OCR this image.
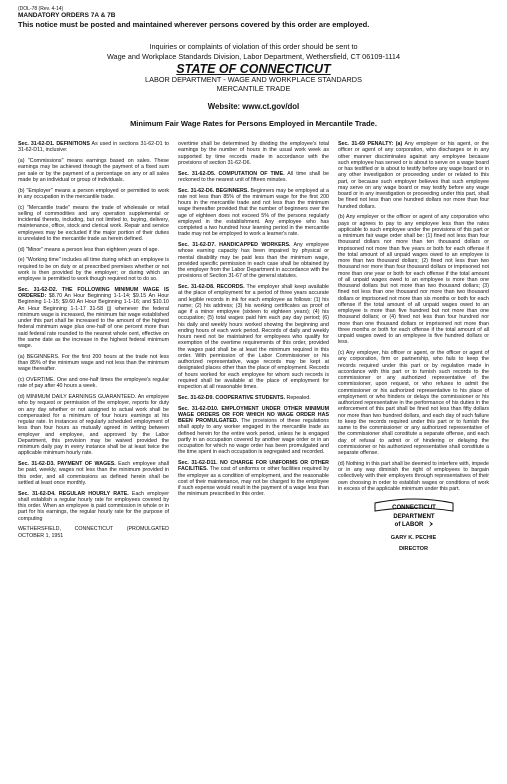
(DOL-78 (Rev. 4-14)
MANDATORY ORDERS 7A & 7B
This notice must be posted and maintained wherever persons covered by this order are employed.
Inquiries or complaints of violation of this order should be sent to
Wage and Workplace Standards Division, Labor Department, Wethersfield, CT 06109-1114
STATE OF CONNECTICUT
LABOR DEPARTMENT - WAGE AND WORKPLACE STANDARDS
MERCANTILE TRADE
Website: www.ct.gov/dol
Minimum Fair Wage Rates for Persons Employed in Mercantile Trade.

Sec. 31-62-D1. DEFINITIONS As used in sections 31-62-D1 to 31-62-D11, inclusive:

(a) "Commissions" means earnings based on sales. These earnings may be achieved through the payment of a fixed sum per sale or by the payment of a percentage on any or all sales made by an individual or group of individuals.

(b) "Employer" means a person employed or permitted to work in any occupation in the mercantile trade.

(c) "Mercantile trade" means the trade of wholesale or retail selling of commodities and any operation supplemental or incidental thereto, including, but not limited to, buying, delivery, maintenance, office, stock and clerical work. Repair and service employees may be excluded if the major portion of their duties is unrelated to the mercantile trade as herein defined.

(d) "Minor" means a person less than eighteen years of age.

(e) "Working time" includes all time during which an employee is required to be on duty or at prescribed premises whether or not work is then provided by the employer; or during which an employee is permitted to work though required not to do so.

Sec. 31-62-D2. THE FOLLOWING MINIMUM WAGE IS ORDERED: $8.70 An Hour Beginning 1-1-14; $9.15 An Hour Beginning 1-1-15; $9.60 An Hour Beginning 1-1-16; and $10.10 An Hour Beginning 1-1-17 31-58 (j) whenever the federal minimum wage is increased, the minimum fair wage established under this part shall be increased to the amount of the highest federal minimum wage plus one-half of one percent more than said federal rate rounded to the nearest whole cent, effective on the same date as the increase in the highest federal minimum wage.

(a) BEGINNERS. For the first 200 hours at the trade not less than 85% of the minimum wage and not less than the minimum wage thereafter.

(c) OVERTIME. One and one-half times the employee's regular rate of pay after 40 hours a week.

(d) MINIMUM DAILY EARNINGS GUARANTEED. An employee who by request or permission of the employer, reports for duty on any day whether or not assigned to actual work shall be compensated for a minimum of four hours earnings at his regular rate. In instances of regularly scheduled employment of less than four hours as mutually agreed in writing between employer and employee, and approved by the Labor Department, this provision may be waived provided the minimum daily pay in every instance shall be at least twice the applicable minimum hourly rate.

Sec. 31-62-D3. PAYMENT OF WAGES. Each employee shall be paid, weekly, wages not less than the minimum provided in this order, and all commissions as defined herein shall be settled at least once monthly.

Sec. 31-62-D4. REGULAR HOURLY RATE. Each employer shall establish a regular hourly rate for employees covered by this order. When an employee is paid commission in whole or in part for his earnings, the regular hourly rate for the purpose of computing

WETHERSFIELD, CONNECTICUT (PROMULGATED OCTOBER 1, 1951

overtime shall be determined by dividing the employee's total earnings by the number of hours in the usual work week as supported by time records made in accordance with the provisions of section 31-62-D6.

Sec. 31-62-D5. COMPUTATION OF TIME. All time shall be reckoned to the nearest unit of fifteen minutes.

Sec. 31-62-D6. BEGINNERS. Beginners may be employed at a rate not less than 85% of the minimum wage for the first 200 hours in the mercantile trade and not less than the minimum wage thereafter provided that the number of beginners over the age of eighteen does not exceed 5% of the persons regularly employed in the establishment. Any employee who has completed a two hundred hour learning period in the mercantile trade may not be employed to work a learner's rate.

Sec. 31-62-D7. HANDICAPPED WORKERS. Any employee whose earning capacity has been impaired by physical or mental disability may be paid less than the minimum wage, provided specific permission in each case shall be obtained by the employer from the Labor Department in accordance with the provisions of Section 31-67 of the general statutes.

Sec. 31-62-D8. RECORDS. The employer shall keep available at the place of employment for a period of three years accurate and legible records in ink for each employee as follows: (1) his name; (2) his address; (3) his working certificates as proof of age if a minor employee (sixteen to eighteen years); (4) his occupation; (5) total wages paid him each pay day period; (6) his daily and weekly hours worked showing the beginning and ending hours of each work period. Records of daily and weekly hours need not be maintained for employees who qualify for exemption of the overtime requirements of this order, provided the wages paid shall be at least the minimum required in this order. With permission of the Labor Commissioner or his authorized representative, wage records may be kept at designated places other than the place of employment. Records of hours worked for each employee for whom such records is required shall be available at the place of employment for inspection at all reasonable times.

Sec. 31-62-D9. COOPERATIVE STUDENTS. Repealed.

Sec. 31-62-D10. EMPLOYMENT UNDER OTHER MINIMUM WAGE ORDERS OR FOR WHICH NO WAGE ORDER HAS BEEN PROMULGATED. The provisions of these regulations shall apply to any worker engaged in the mercantile trade as defined herein for the entire work period, unless he is engaged partly in an occupation covered by another wage order or in an occupation for which no wage order has been promulgated and the time spent in each occupation is segregated and recorded.

Sec. 31-62-D11. NO CHARGE FOR UNIFORMS OR OTHER FACILITIES. The cost of uniforms or other facilities required by the employer as a condition of employment, and the reasonable cost of their maintenance, may not be charged to the employee if such expense would result in the payment of a wage less than the minimum prescribed in this order.

Sec. 31-69 PENALTY: (a) Any employer or his agent, or the officer or agent of any corporation, who discharges or in any other manner discriminates against any employee because such employee has served or is about to serve on a wage board or has testified or is about to testify before any wage board or in any other investigation or proceeding under or related to this part, or because such employer believes that such employee may serve on any wage board or may testify before any wage board or in any investigation or proceeding under this part, shall be fined not less than one hundred dollars nor more than four hundred dollars.

(b) Any employer or the officer or agent of any corporation who pays or agrees to pay to any employee less than the rates applicable to such employee under the provisions of this part or a minimum fair wage order shall be: (1) fined not less than four thousand dollars nor more than ten thousand dollars or imprisoned not more than five years or both for each offense if the total amount of all unpaid wages owed to an employee is more than two thousand dollars; (2) fined not less than two thousand nor more than four thousand dollars or imprisoned not more than one year or both for each offense if the total amount of all unpaid wages owed to an employee is more than one thousand dollars but not more than two thousand dollars; (3) fined not less than one thousand nor more than two thousand dollars or imprisoned not more than six months or both for each offense if the total amount of all unpaid wages owed to an employee is more than five hundred but not more than one thousand dollars; or (4) fined not less than four hundred nor more than one thousand dollars or imprisoned not more than three months or both for each offense if the total amount of all unpaid wages owed to an employee is five hundred dollars or less.

(c) Any employer, his officer or agent, or the officer or agent of any corporation, firm or partnership, who fails to keep the records required under this part or by regulation made in accordance with this part or to furnish such records to the commissioner or any authorized representative of the commissioner, upon request, or who refuses to admit the commissioner or his authorized representative to his place of employment or who hinders or delays the commissioner or his authorized representative in the performance of his duties in the enforcement of this part shall be fined not less than fifty dollars nor more than two hundred dollars, and each day of such failure to keep the records required under this part or to furnish the same to the commissioner or any authorized representative of the commissioner shall constitute a separate offense, and each day of refusal to admit or of hindering or delaying the commissioner or his authorized representative shall constitute a separate offense.

(d) Nothing in this part shall be deemed to interfere with, impede or in any way diminish the right of employees to bargain collectively with their employers through representatives of their own choosing in order to establish wages or conditions of work in excess of the applicable minimum under this part.

CONNECTICUT
DEPARTMENT
of LABOR
GARY K. PECHIE
DIRECTOR
